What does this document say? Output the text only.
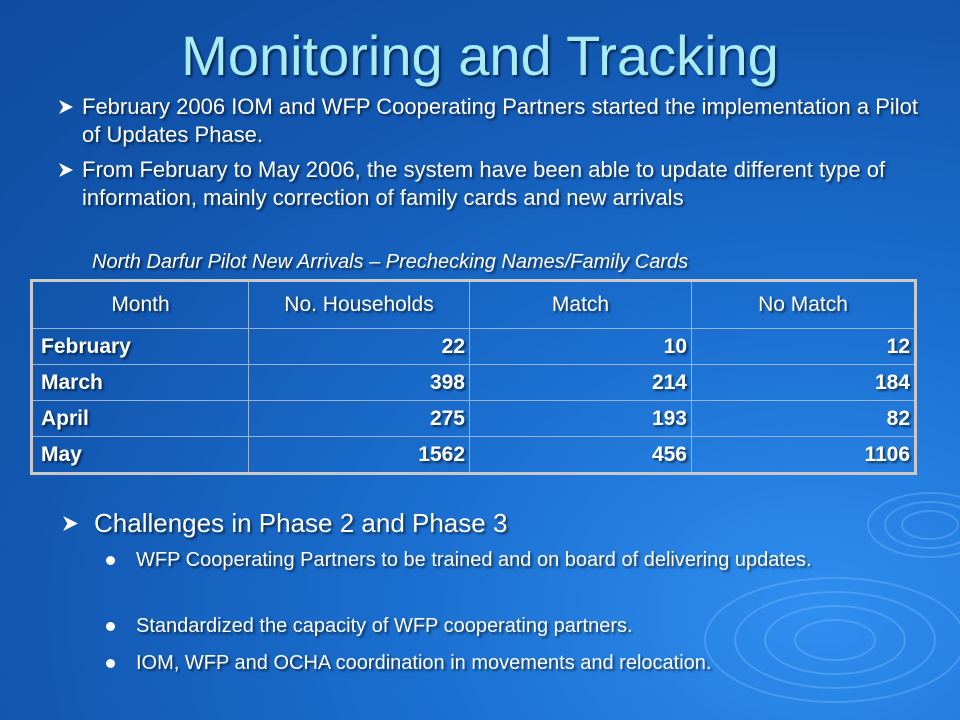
Monitoring and Tracking
February 2006 IOM and WFP Cooperating Partners started the implementation a Pilot of Updates Phase.
From February to May 2006, the system have been able to update different type of information, mainly correction of family cards and new arrivals
North Darfur Pilot New Arrivals – Prechecking Names/Family Cards
Month	No. Households	Match	No Match
February	22	10	12
March	398	214	184
April	275	193	82
May	1562	456	1106
Challenges in Phase 2 and Phase 3
WFP Cooperating Partners to be trained and on board of delivering updates.
Standardized the capacity of WFP cooperating partners.
IOM, WFP and OCHA coordination in movements and relocation.
